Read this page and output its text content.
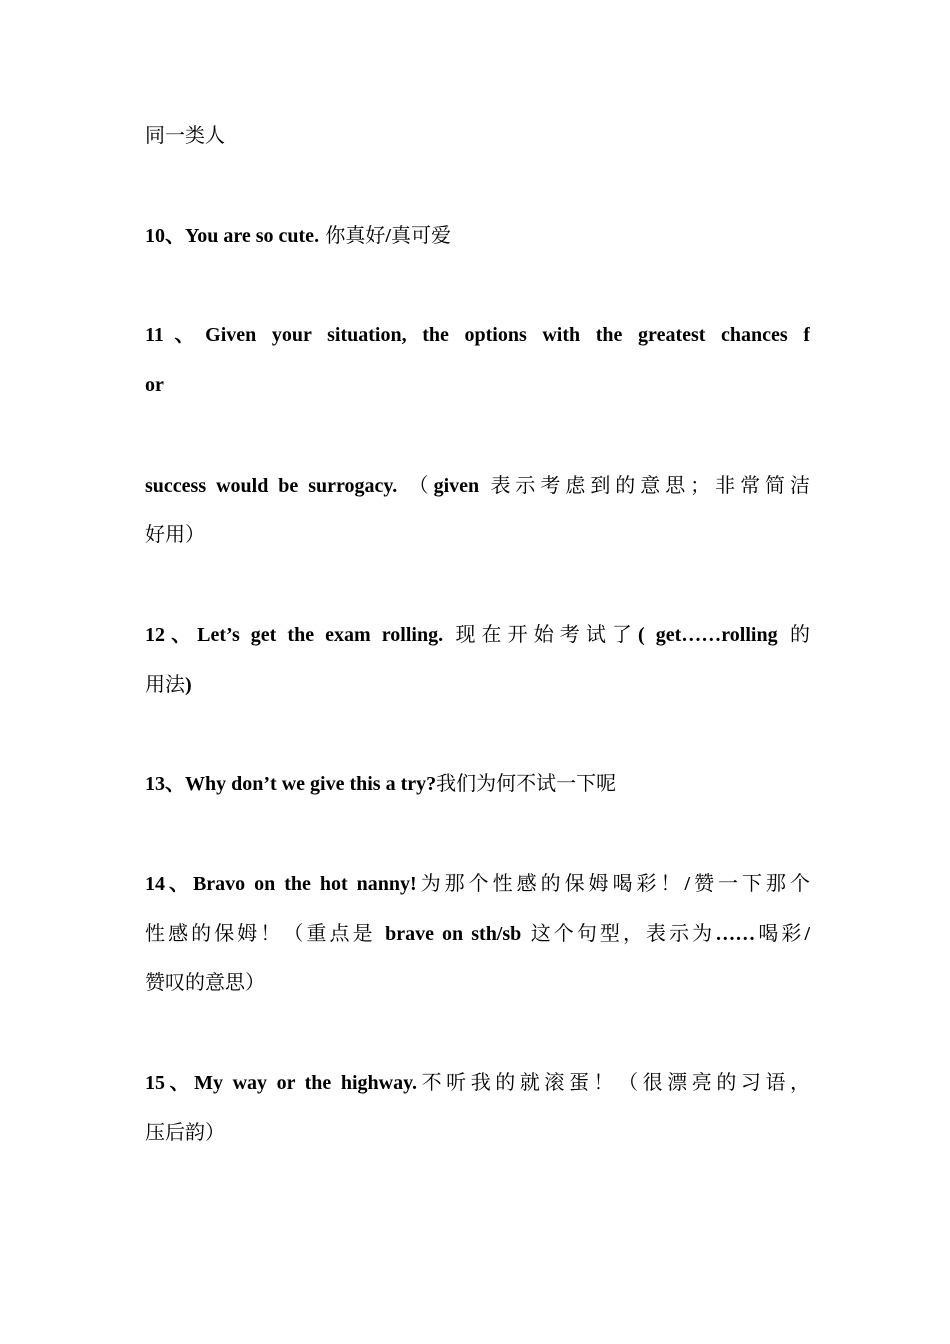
同一类人
10、You are so cute. 你真好/真可爱
11、Given your situation, the options with the greatest chances f
or
success would be surrogacy. （given 表示考虑到的意思；非常简洁
好用）
12、Let’s get the exam rolling. 现在开始考试了( get……rolling 的
用法)
13、Why don’t we give this a try?我们为何不试一下呢
14、Bravo on the hot nanny!为那个性感的保姆喝彩！/赞一下那个
性感的保姆！（重点是 brave on sth/sb 这个句型，表示为……喝彩/
赞叹的意思）
15、My way or the highway.不听我的就滚蛋！（很漂亮的习语，
压后韵）
